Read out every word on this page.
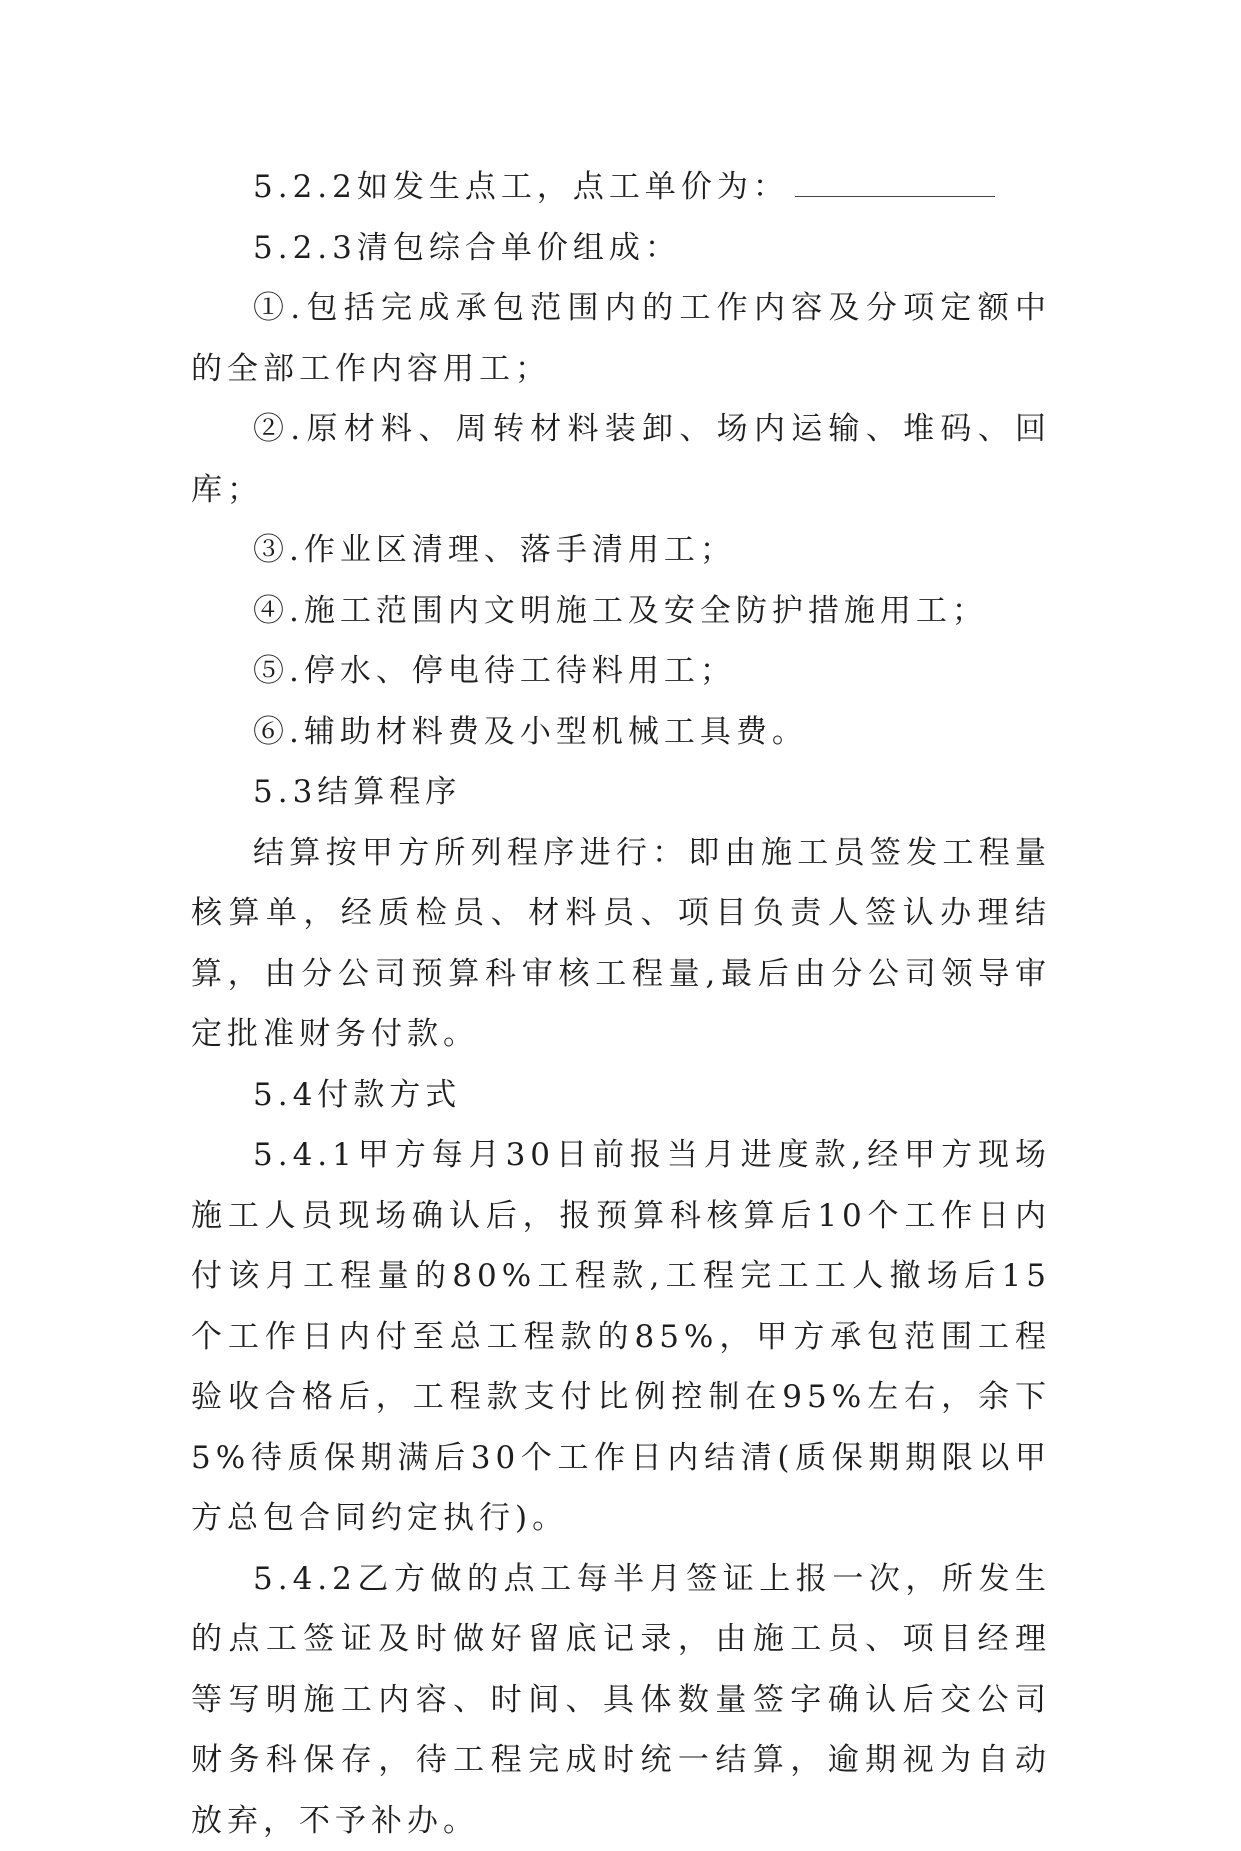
5.2.2如发生点工，点工单价为：

5.2.3清包综合单价组成：

①.包括完成承包范围内的工作内容及分项定额中的全部工作内容用工；

②.原材料、周转材料装卸、场内运输、堆码、回库；

③.作业区清理、落手清用工；

④.施工范围内文明施工及安全防护措施用工；

⑤.停水、停电待工待料用工；

⑥.辅助材料费及小型机械工具费。

5.3结算程序

结算按甲方所列程序进行：即由施工员签发工程量核算单，经质检员、材料员、项目负责人签认办理结算，由分公司预算科审核工程量,最后由分公司领导审定批准财务付款。

5.4付款方式

5.4.1甲方每月30日前报当月进度款,经甲方现场施工人员现场确认后，报预算科核算后10个工作日内付该月工程量的80%工程款,工程完工工人撤场后15个工作日内付至总工程款的85%，甲方承包范围工程验收合格后，工程款支付比例控制在95%左右，余下5%待质保期满后30个工作日内结清(质保期期限以甲方总包合同约定执行)。

5.4.2乙方做的点工每半月签证上报一次，所发生的点工签证及时做好留底记录，由施工员、项目经理等写明施工内容、时间、具体数量签字确认后交公司财务科保存，待工程完成时统一结算，逾期视为自动放弃，不予补办。
